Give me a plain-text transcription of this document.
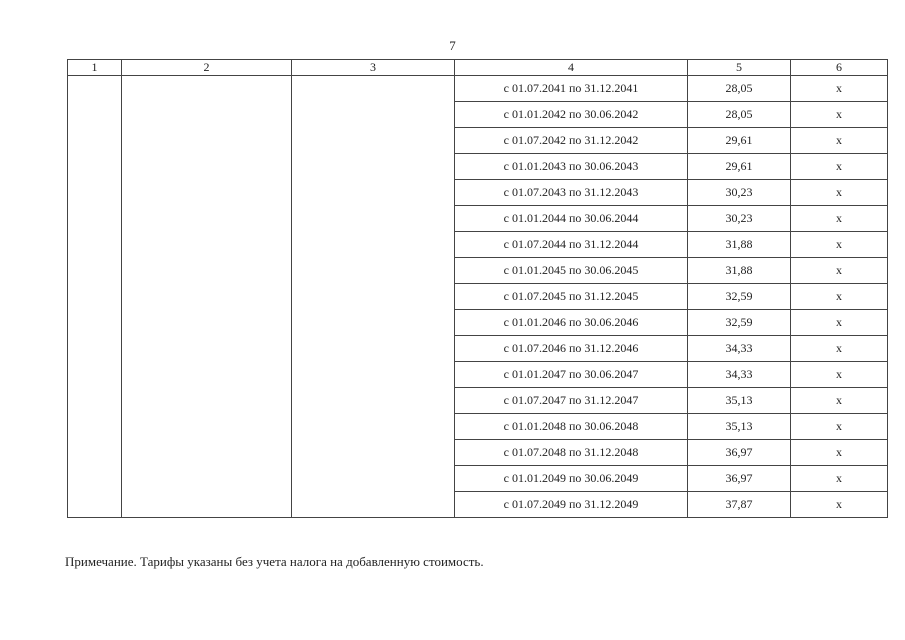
7
1	2	3	4	5	6
			с 01.07.2041 по 31.12.2041	28,05	х
			с 01.01.2042 по 30.06.2042	28,05	х
			с 01.07.2042 по 31.12.2042	29,61	х
			с 01.01.2043 по 30.06.2043	29,61	х
			с 01.07.2043 по 31.12.2043	30,23	х
			с 01.01.2044 по 30.06.2044	30,23	х
			с 01.07.2044 по 31.12.2044	31,88	х
			с 01.01.2045 по 30.06.2045	31,88	х
			с 01.07.2045 по 31.12.2045	32,59	х
			с 01.01.2046 по 30.06.2046	32,59	х
			с 01.07.2046 по 31.12.2046	34,33	х
			с 01.01.2047 по 30.06.2047	34,33	х
			с 01.07.2047 по 31.12.2047	35,13	х
			с 01.01.2048 по 30.06.2048	35,13	х
			с 01.07.2048 по 31.12.2048	36,97	х
			с 01.01.2049 по 30.06.2049	36,97	х
			с 01.07.2049 по 31.12.2049	37,87	х
Примечание. Тарифы указаны без учета налога на добавленную стоимость.
